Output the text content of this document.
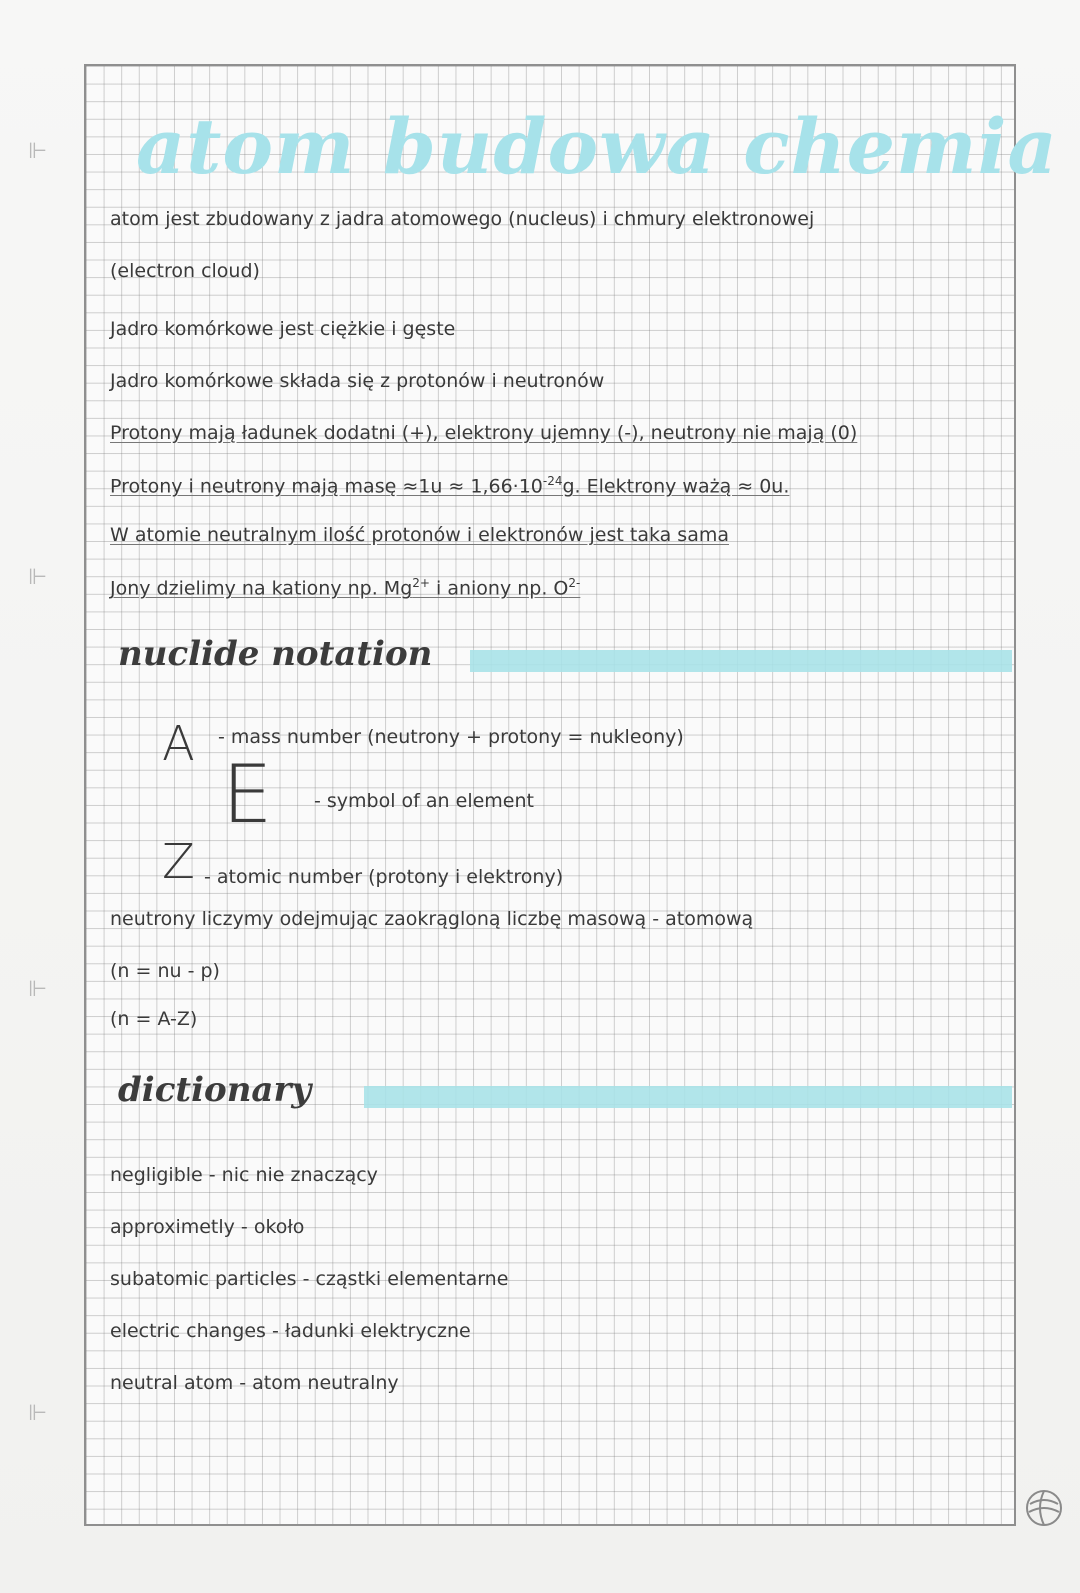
⊩
⊩
⊩
⊩
atom budowa chemia
atom jest zbudowany z jadra atomowego (nucleus) i chmury elektronowej
(electron cloud)
Jadro komórkowe jest ciężkie i gęste
Jadro komórkowe składa się z protonów i neutronów
Protony mają ładunek dodatni (+), elektrony ujemny (-), neutrony nie mają (0)
Protony i neutrony mają masę $\approx 1u \approx 1,66\cdot 10^{-24}g$. Elektrony ważą ≈ 0u.
W atomie neutralnym ilość protonów i elektronów jest taka sama
Jony dzielimy na kationy np. $Mg^{2+}$ i aniony np. $O^{2-}$
nuclide notation
A
E
Z
- mass number (neutrony + protony = nukleony)
- symbol of an element
- atomic number (protony i elektrony)
neutrony liczymy odejmując zaokrągloną liczbę masową - atomową
(n = nu - p)
(n = A-Z)
dictionary
negligible - nic nie znaczący
approximetly - około
subatomic particles - cząstki elementarne
electric changes - ładunki elektryczne
neutral atom - atom neutralny
